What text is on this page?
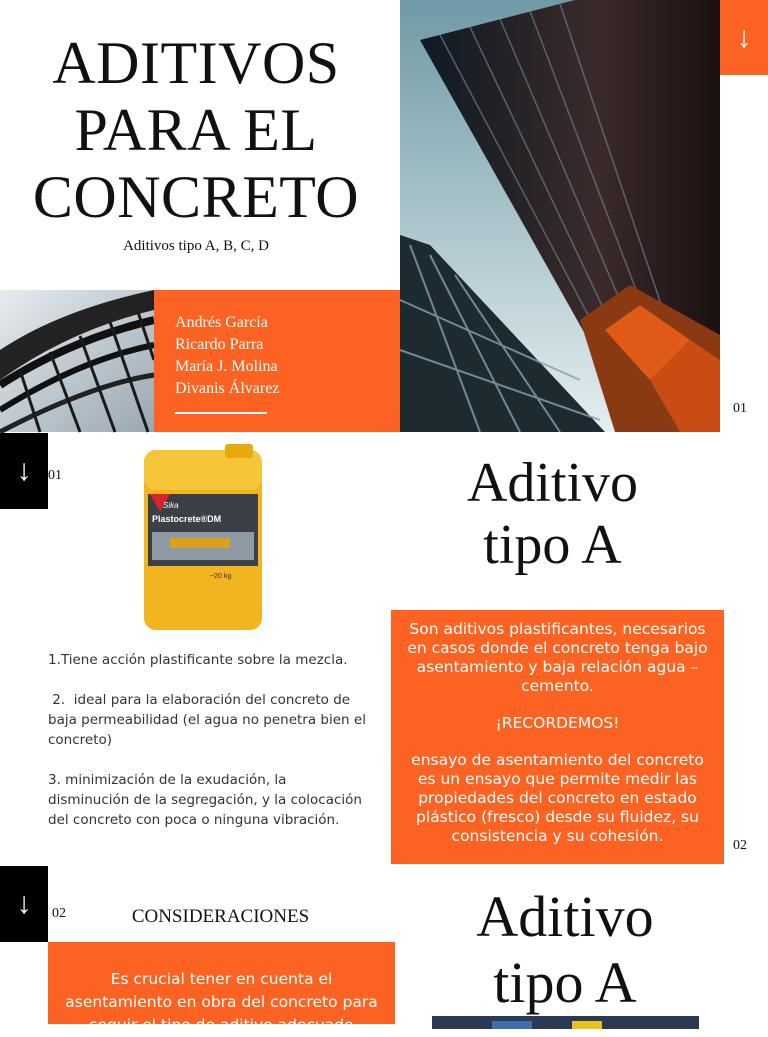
ADITIVOS
PARA EL
CONCRETO
Aditivos tipo A, B, C, D
Andrés García
Ricardo Parra
María J. Molina
Divanis Álvarez
↓
01
↓	01
Sika
Plastocrete®DM
~20 kg
Aditivo
tipo A

1.Tiene acción plastificante sobre la mezcla.

2.  ideal para la elaboración del concreto de baja permeabilidad (el agua no penetra bien el concreto)

3. minimización de la exudación, la disminución de la segregación, y la colocación del concreto con poca o ninguna vibración.

Son aditivos plastificantes, necesarios en casos donde el concreto tenga bajo asentamiento y baja relación agua – cemento.

¡RECORDEMOS!

ensayo de asentamiento del concreto es un ensayo que permite medir las propiedades del concreto en estado plástico (fresco) desde su fluidez, su consistencia y su cohesión.

02
↓	02	CONSIDERACIONES

Es crucial tener en cuenta el asentamiento en obra del concreto para seguir el tipo de aditivo adecuado

Aditivo
tipo A
